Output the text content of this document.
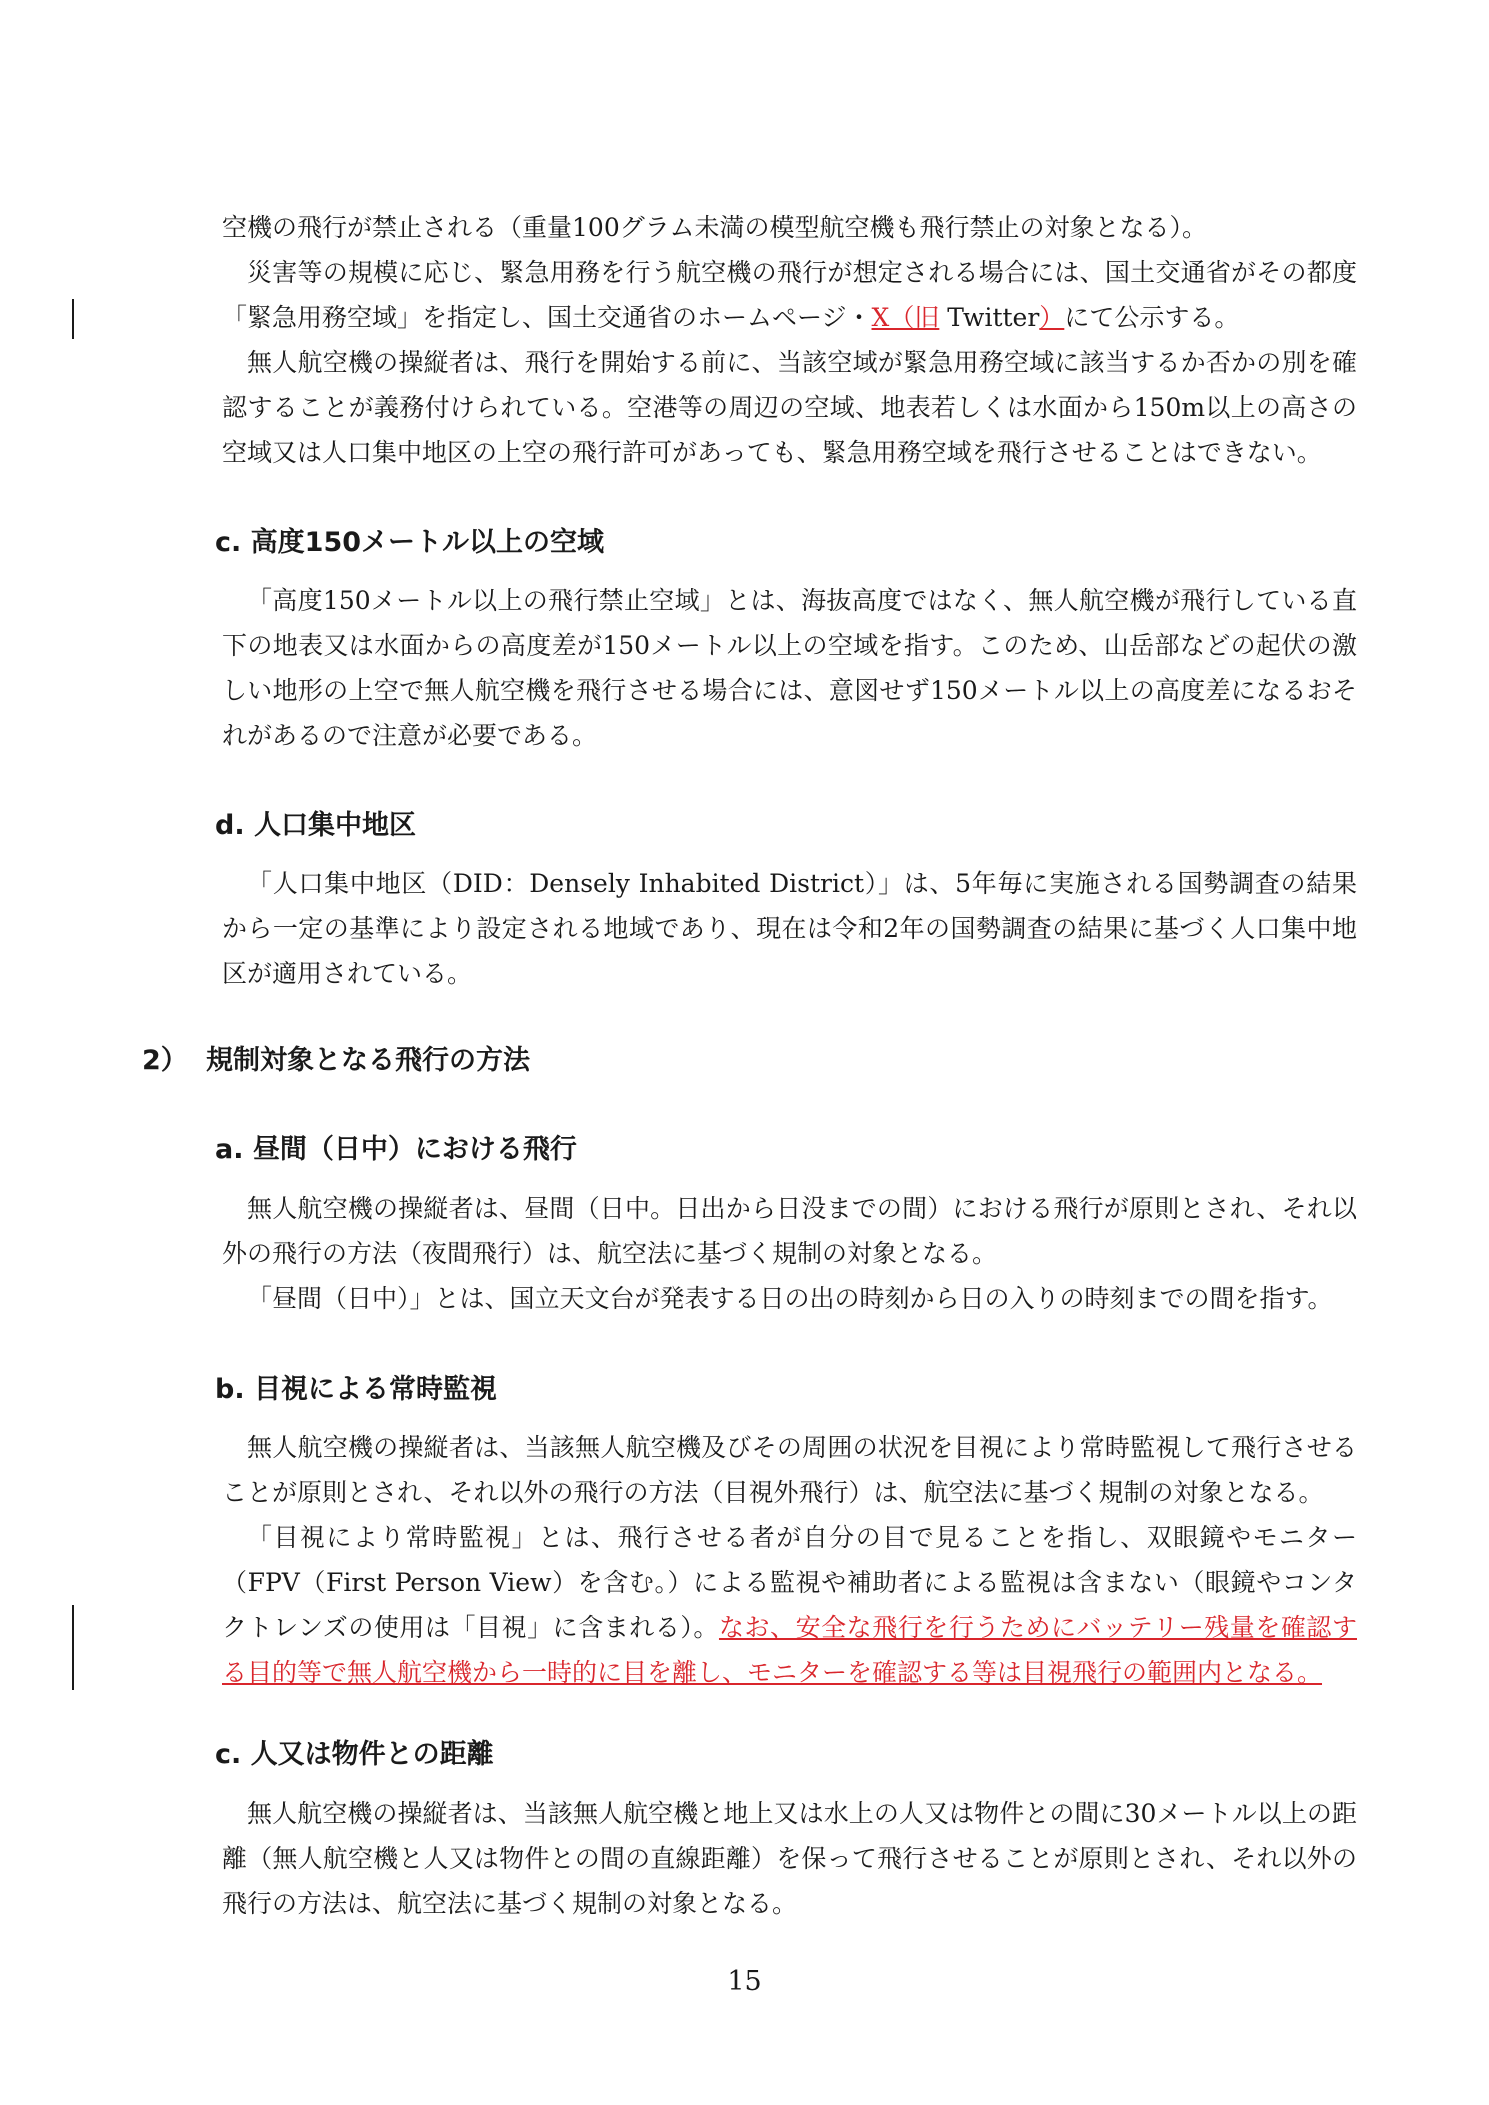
空機の飛行が禁止される（重量100グラム未満の模型航空機も飛行禁止の対象となる）。

災害等の規模に応じ、緊急用務を行う航空機の飛行が想定される場合には、国土交通省がその都度「緊急用務空域」を指定し、国土交通省のホームページ・X（旧 Twitter）にて公示する。

無人航空機の操縦者は、飛行を開始する前に、当該空域が緊急用務空域に該当するか否かの別を確認することが義務付けられている。空港等の周辺の空域、地表若しくは水面から150m以上の高さの空域又は人口集中地区の上空の飛行許可があっても、緊急用務空域を飛行させることはできない。

c. 高度150メートル以上の空域

「高度150メートル以上の飛行禁止空域」とは、海抜高度ではなく、無人航空機が飛行している直下の地表又は水面からの高度差が150メートル以上の空域を指す。このため、山岳部などの起伏の激しい地形の上空で無人航空機を飛行させる場合には、意図せず150メートル以上の高度差になるおそれがあるので注意が必要である。

d. 人口集中地区

「人口集中地区（DID：Densely Inhabited District）」は、5年毎に実施される国勢調査の結果から一定の基準により設定される地域であり、現在は令和2年の国勢調査の結果に基づく人口集中地区が適用されている。

2） 規制対象となる飛行の方法
a. 昼間（日中）における飛行

無人航空機の操縦者は、昼間（日中。日出から日没までの間）における飛行が原則とされ、それ以外の飛行の方法（夜間飛行）は、航空法に基づく規制の対象となる。

「昼間（日中）」とは、国立天文台が発表する日の出の時刻から日の入りの時刻までの間を指す。

b. 目視による常時監視

無人航空機の操縦者は、当該無人航空機及びその周囲の状況を目視により常時監視して飛行させることが原則とされ、それ以外の飛行の方法（目視外飛行）は、航空法に基づく規制の対象となる。

「目視により常時監視」とは、飛行させる者が自分の目で見ることを指し、双眼鏡やモニター（FPV（First Person View）を含む。）による監視や補助者による監視は含まない（眼鏡やコンタクトレンズの使用は「目視」に含まれる）。なお、安全な飛行を行うためにバッテリー残量を確認する目的等で無人航空機から一時的に目を離し、モニターを確認する等は目視飛行の範囲内となる。

c. 人又は物件との距離

無人航空機の操縦者は、当該無人航空機と地上又は水上の人又は物件との間に30メートル以上の距離（無人航空機と人又は物件との間の直線距離）を保って飛行させることが原則とされ、それ以外の飛行の方法は、航空法に基づく規制の対象となる。

15
